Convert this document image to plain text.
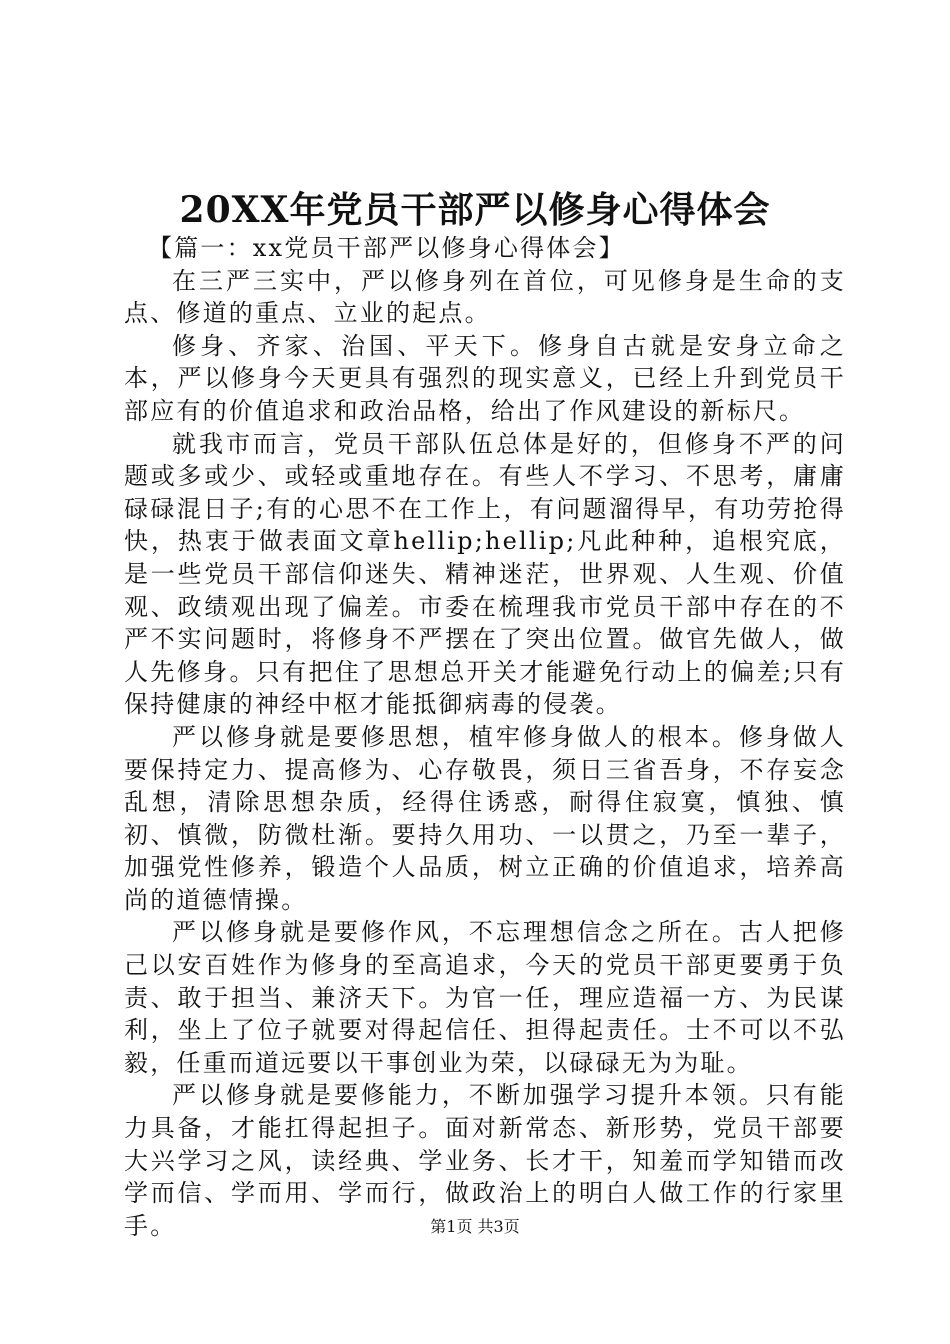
20XX年党员干部严以修身心得体会

【篇一：xx党员干部严以修身心得体会】

在三严三实中，严以修身列在首位，可见修身是生命的支点、修道的重点、立业的起点。

修身、齐家、治国、平天下。修身自古就是安身立命之本，严以修身今天更具有强烈的现实意义，已经上升到党员干部应有的价值追求和政治品格，给出了作风建设的新标尺。

就我市而言，党员干部队伍总体是好的，但修身不严的问题或多或少、或轻或重地存在。有些人不学习、不思考，庸庸碌碌混日子;有的心思不在工作上，有问题溜得早，有功劳抢得快，热衷于做表面文章hellip;hellip;凡此种种，追根究底，是一些党员干部信仰迷失、精神迷茫，世界观、人生观、价值观、政绩观出现了偏差。市委在梳理我市党员干部中存在的不严不实问题时，将修身不严摆在了突出位置。做官先做人，做人先修身。只有把住了思想总开关才能避免行动上的偏差;只有保持健康的神经中枢才能抵御病毒的侵袭。

严以修身就是要修思想，植牢修身做人的根本。修身做人要保持定力、提高修为、心存敬畏，须日三省吾身，不存妄念乱想，清除思想杂质，经得住诱惑，耐得住寂寞，慎独、慎初、慎微，防微杜渐。要持久用功、一以贯之，乃至一辈子，加强党性修养，锻造个人品质，树立正确的价值追求，培养高尚的道德情操。

严以修身就是要修作风，不忘理想信念之所在。古人把修己以安百姓作为修身的至高追求，今天的党员干部更要勇于负责、敢于担当、兼济天下。为官一任，理应造福一方、为民谋利，坐上了位子就要对得起信任、担得起责任。士不可以不弘毅，任重而道远要以干事创业为荣，以碌碌无为为耻。

严以修身就是要修能力，不断加强学习提升本领。只有能力具备，才能扛得起担子。面对新常态、新形势，党员干部要大兴学习之风，读经典、学业务、长才干，知羞而学知错而改学而信、学而用、学而行，做政治上的明白人做工作的行家里手。	第1页 共3页
